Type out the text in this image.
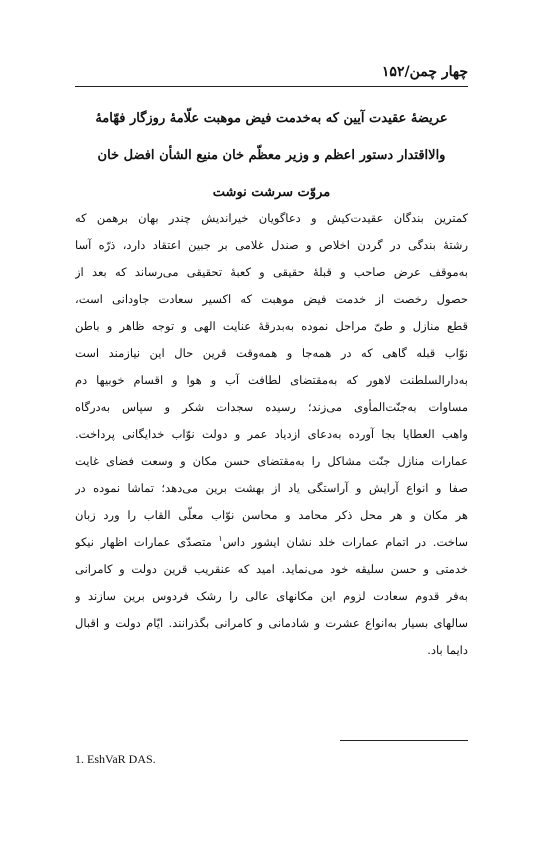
چهار چمن/۱۵۲
عریضهٔ عقیدت آیین که به‌خدمت فیض موهبت علّامهٔ روزگار فهّامهٔ
والااقتدار دستور اعظم و وزیر معظّم خان منیع الشأن افضل خان
مروّت سرشت نوشت
کمترین بندگان عقیدت‌کیش و دعاگویان خیراندیش چندر بهان برهمن که
رشتهٔ بندگی در گردن اخلاص و صندل غلامی بر جبین اعتقاد دارد، ذرّه آسا
به‌موقف عرض صاحب و قبلهٔ حقیقی و کعبهٔ تحقیقی می‌رساند که بعد از
حصول رخصت از خدمت فیض موهبت که اکسیر سعادت جاودانی است،
قطع منازل و طیّ مراحل نموده به‌بدرقهٔ عنایت الهی و توجه ظاهر و باطن
نوّاب قبله گاهی که در همه‌جا و همه‌وقت قرین حال این نیازمند است
به‌دارالسلطنت لاهور که به‌مقتضای لطافت آب و هوا و اقسام خوبیها دم
مساوات به‌جنّت‌المأوی می‌زند؛ رسیده سجدات شکر و سپاس به‌درگاه
واهب العطایا بجا آورده به‌دعای ازدیاد عمر و دولت نوّاب خدایگانی پرداخت.
عمارات منازل جنّت مشاکل را به‌مقتضای حسن مکان و وسعت فضای غایت
صفا و انواع آرایش و آراستگی یاد از بهشت برین می‌دهد؛ تماشا نموده در
هر مکان و هر محل ذکر محامد و محاسن نوّاب معلّی القاب را ورد زبان
ساخت. در اتمام عمارات خلد نشان ایشور داس$^۱$ متصدّی عمارات اظهار نیکو
خدمتی و حسن سلیقه خود می‌نماید. امید که عنقریب قرین دولت و کامرانی
به‌فر قدوم سعادت لزوم این مکانهای عالی را رشک فردوس برین سازند و
سالهای بسیار به‌انواع عشرت و شادمانی و کامرانی بگذرانند. ایّام دولت و اقبال
دایما باد.
1. EshVaR DAS.
